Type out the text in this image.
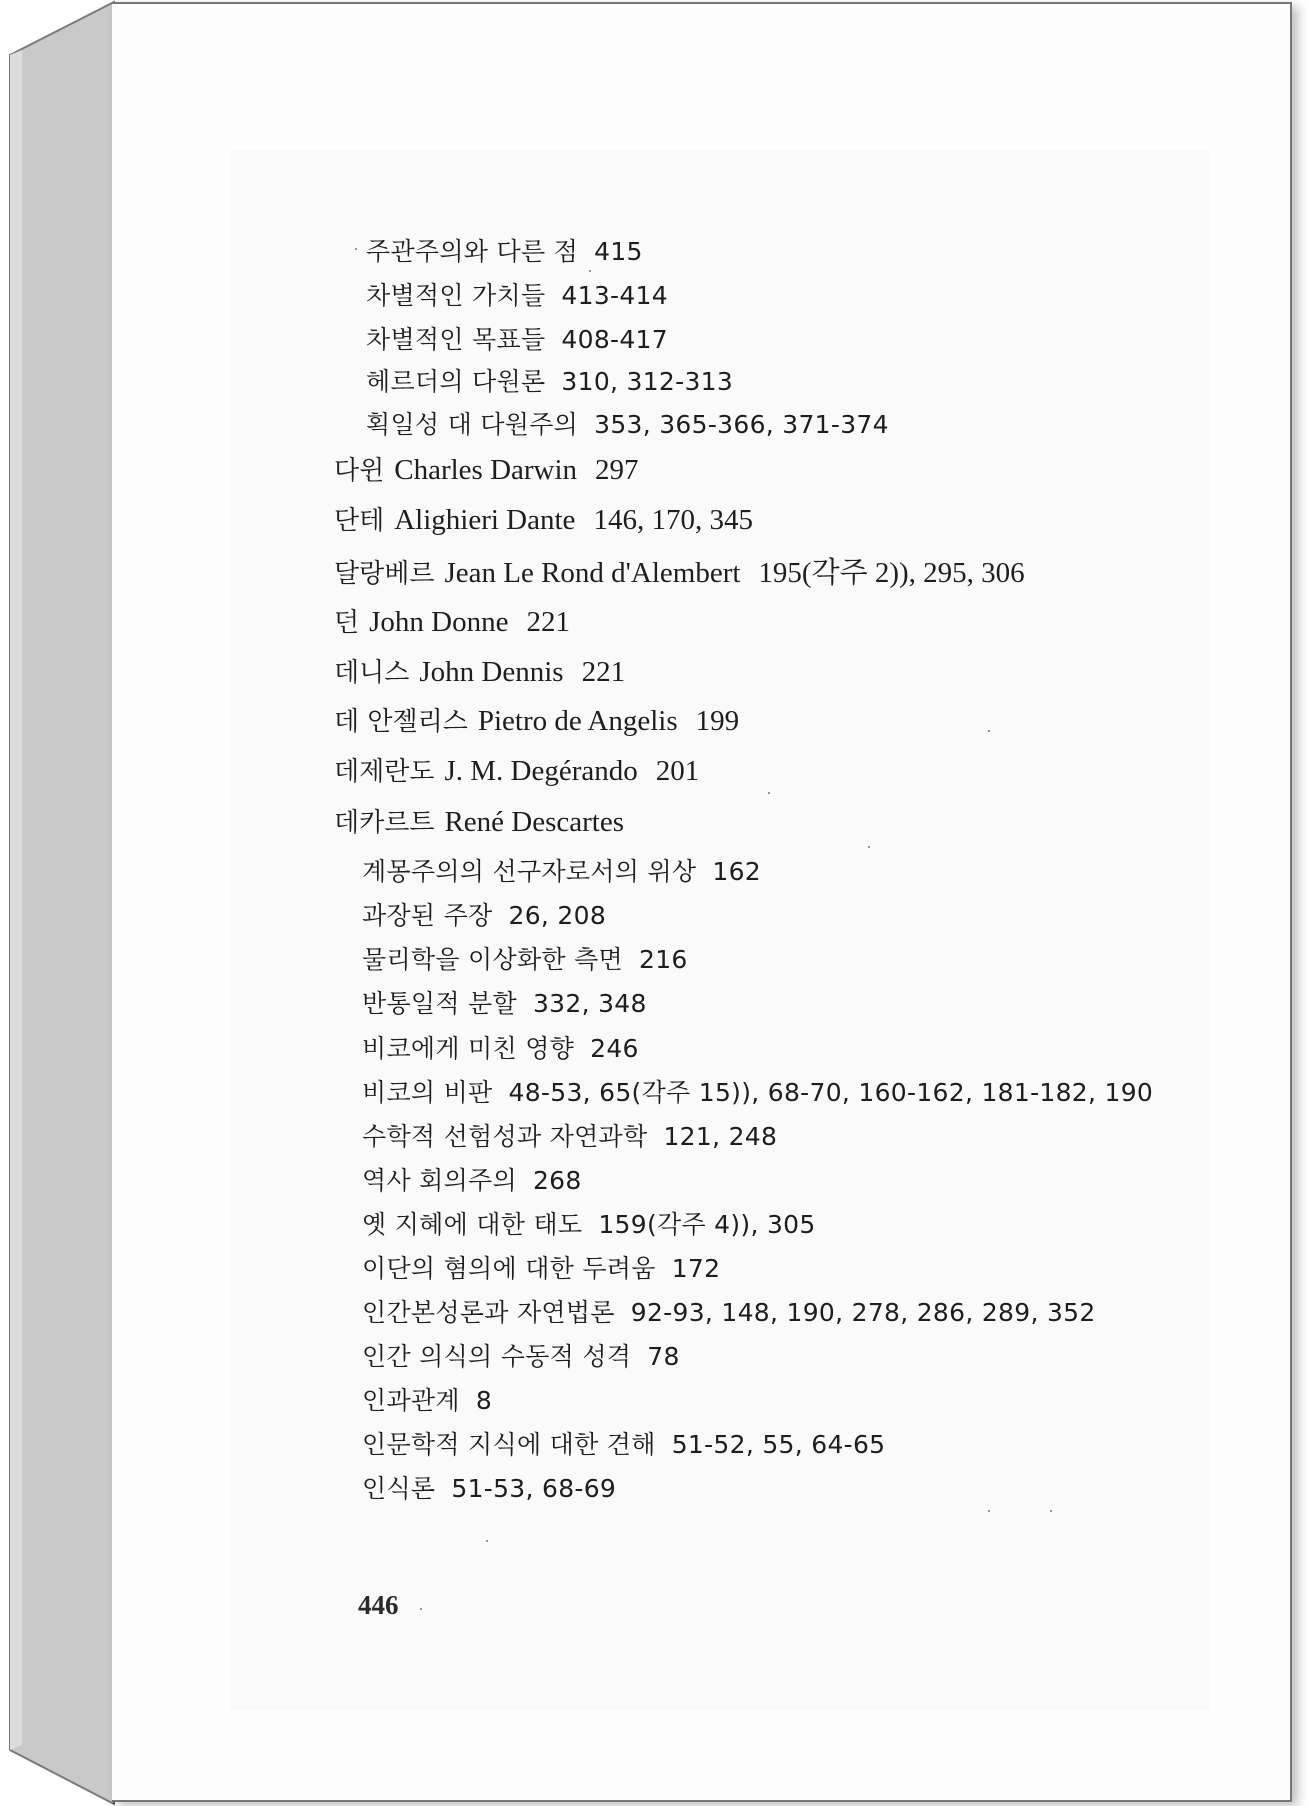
주관주의와 다른 점 415
차별적인 가치들 413-414
차별적인 목표들 408-417
헤르더의 다원론 310, 312-313
획일성 대 다원주의 353, 365-366, 371-374
다윈 Charles Darwin 297
단테 Alighieri Dante 146, 170, 345
달랑베르 Jean Le Rond d'Alembert 195(각주 2)), 295, 306
던 John Donne 221
데니스 John Dennis 221
데 안젤리스 Pietro de Angelis 199
데제란도 J. M. Degérando 201
데카르트 René Descartes
계몽주의의 선구자로서의 위상 162
과장된 주장 26, 208
물리학을 이상화한 측면 216
반통일적 분할 332, 348
비코에게 미친 영향 246
비코의 비판 48-53, 65(각주 15)), 68-70, 160-162, 181-182, 190
수학적 선험성과 자연과학 121, 248
역사 회의주의 268
옛 지혜에 대한 태도 159(각주 4)), 305
이단의 혐의에 대한 두려움 172
인간본성론과 자연법론 92-93, 148, 190, 278, 286, 289, 352
인간 의식의 수동적 성격 78
인과관계 8
인문학적 지식에 대한 견해 51-52, 55, 64-65
인식론 51-53, 68-69
446
